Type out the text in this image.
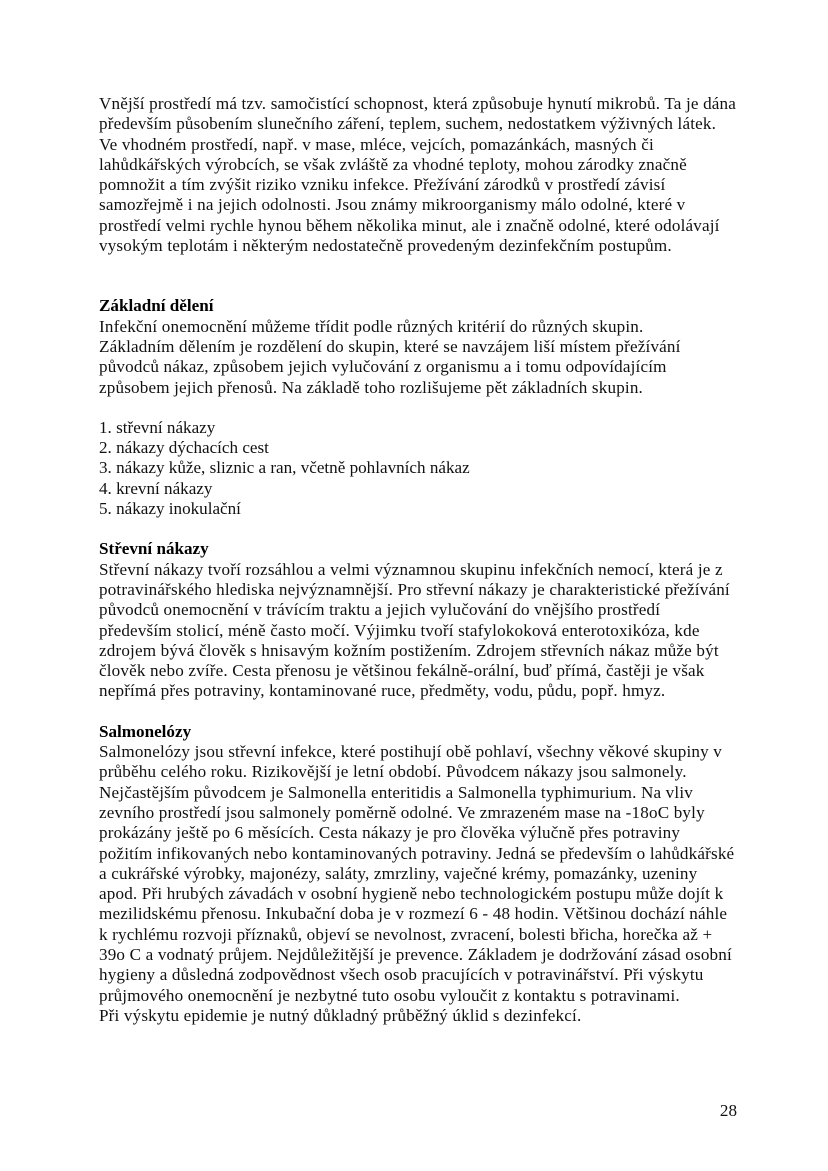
Vnější prostředí má tzv. samočistící schopnost, která způsobuje hynutí mikrobů. Ta je dána především působením slunečního záření, teplem, suchem, nedostatkem výživných látek. Ve vhodném prostředí, např. v mase, mléce, vejcích, pomazánkách, masných či lahůdkářských výrobcích, se však zvláště za vhodné teploty, mohou zárodky značně pomnožit a tím zvýšit riziko vzniku infekce. Přežívání zárodků v prostředí závisí samozřejmě i na jejich odolnosti. Jsou známy mikroorganismy málo odolné, které v prostředí velmi rychle hynou během několika minut, ale i značně odolné, které odolávají vysokým teplotám i některým nedostatečně provedeným dezinfekčním postupům.

Základní dělení

Infekční onemocnění můžeme třídit podle různých kritérií do různých skupin.

Základním dělením je rozdělení do skupin, které se navzájem liší místem přežívání původců nákaz, způsobem jejich vylučování z organismu a i tomu odpovídajícím způsobem jejich přenosů. Na základě toho rozlišujeme pět základních skupin.

1. střevní nákazy
2. nákazy dýchacích cest
3. nákazy kůže, sliznic a ran, včetně pohlavních nákaz
4. krevní nákazy
5. nákazy inokulační
Střevní nákazy

Střevní nákazy tvoří rozsáhlou a velmi významnou skupinu infekčních nemocí, která je z potravinářského hlediska nejvýznamnější. Pro střevní nákazy je charakteristické přežívání původců onemocnění v trávícím traktu a jejich vylučování do vnějšího prostředí především stolicí, méně často močí. Výjimku tvoří stafylokoková enterotoxikóza, kde zdrojem bývá člověk s hnisavým kožním postižením. Zdrojem střevních nákaz může být člověk nebo zvíře. Cesta přenosu je většinou fekálně-orální, buď přímá, častěji je však nepřímá přes potraviny, kontaminované ruce, předměty, vodu, půdu, popř. hmyz.

Salmonelózy

Salmonelózy jsou střevní infekce, které postihují obě pohlaví, všechny věkové skupiny v průběhu celého roku. Rizikovější je letní období. Původcem nákazy jsou salmonely. Nejčastějším původcem je Salmonella enteritidis a Salmonella typhimurium. Na vliv zevního prostředí jsou salmonely poměrně odolné. Ve zmrazeném mase na -18oC byly prokázány ještě po 6 měsících. Cesta nákazy je pro člověka výlučně přes potraviny požitím infikovaných nebo kontaminovaných potraviny. Jedná se především o lahůdkářské a cukrářské výrobky, majonézy, saláty, zmrzliny, vaječné krémy, pomazánky, uzeniny apod. Při hrubých závadách v osobní hygieně nebo technologickém postupu může dojít k mezilidskému přenosu. Inkubační doba je v rozmezí 6 - 48 hodin. Většinou dochází náhle k rychlému rozvoji příznaků, objeví se nevolnost, zvracení, bolesti břicha, horečka až + 39o C a vodnatý průjem. Nejdůležitější je prevence. Základem je dodržování zásad osobní hygieny a důsledná zodpovědnost všech osob pracujících v potravinářství. Při výskytu průjmového onemocnění je nezbytné tuto osobu vyloučit z kontaktu s potravinami.

Při výskytu epidemie je nutný důkladný průběžný úklid s dezinfekcí.

28
